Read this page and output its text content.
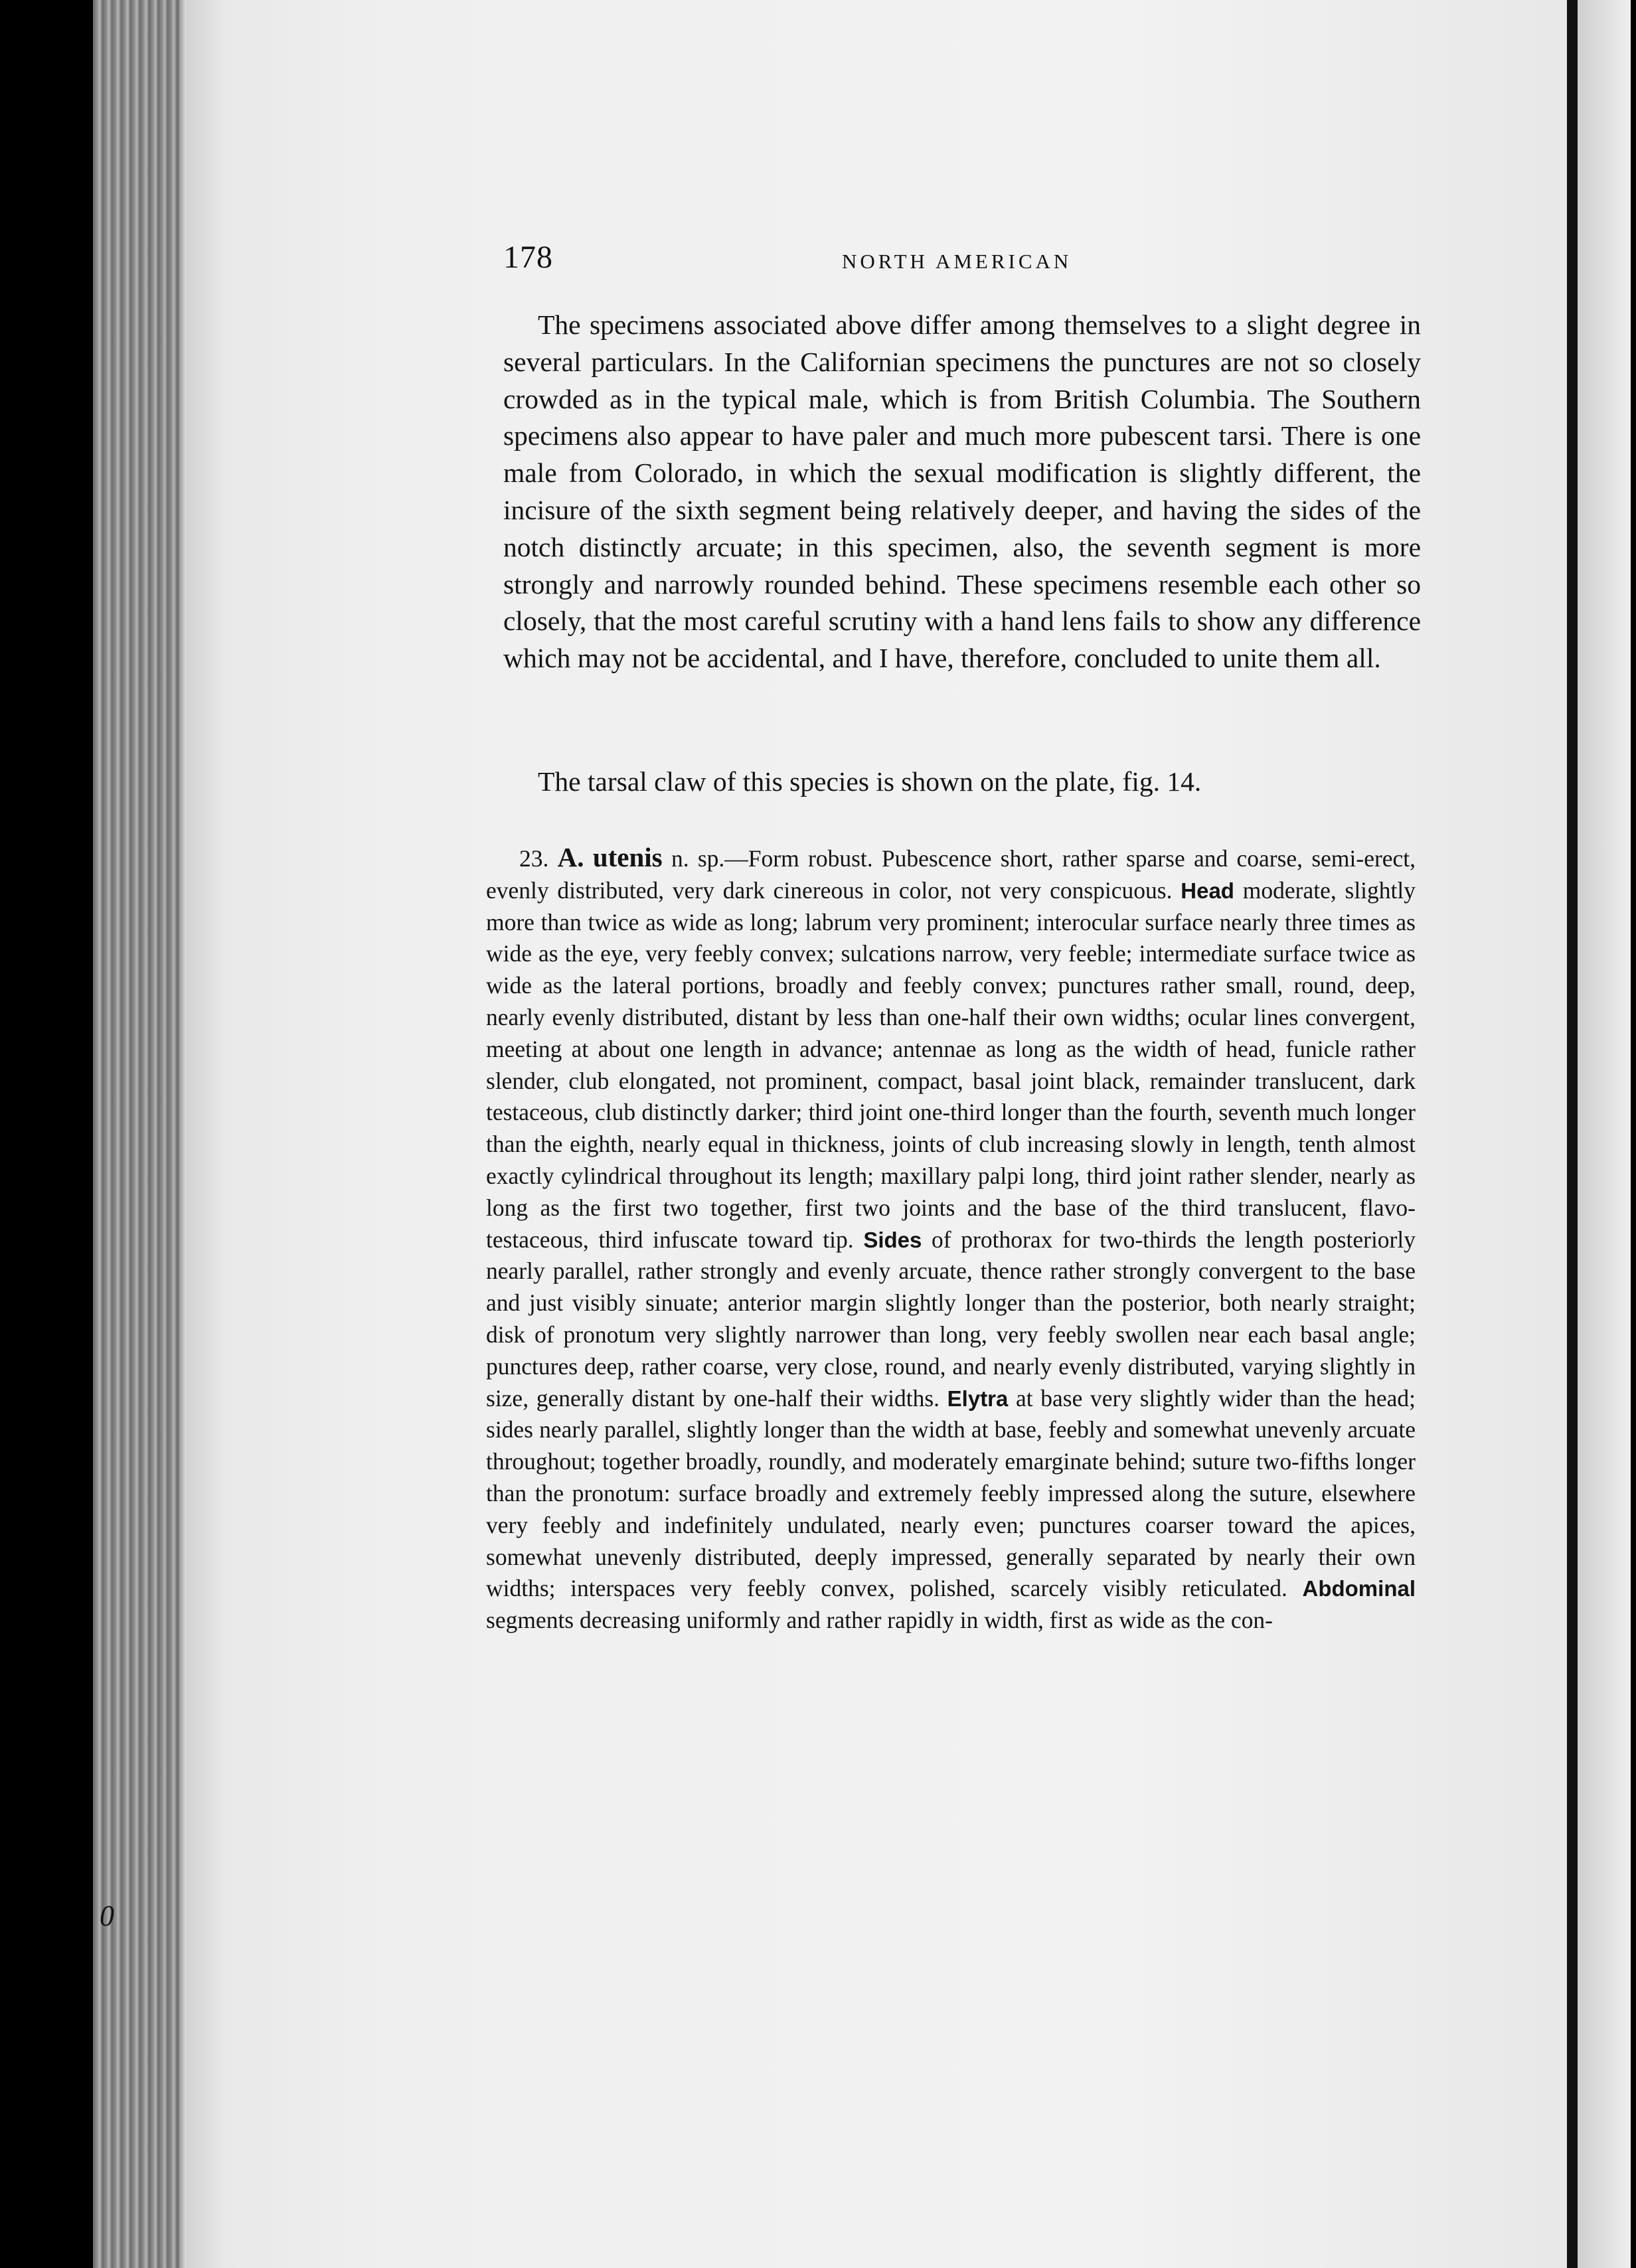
0
178	NORTH AMERICAN

The specimens associated above differ among themselves to a slight degree in several particulars. In the Californian specimens the punctures are not so closely crowded as in the typical male, which is from British Columbia. The Southern specimens also appear to have paler and much more pubescent tarsi. There is one male from Colorado, in which the sexual modification is slightly different, the incisure of the sixth segment being relatively deeper, and having the sides of the notch distinctly arcuate; in this specimen, also, the seventh segment is more strongly and narrowly rounded behind. These specimens resemble each other so closely, that the most careful scrutiny with a hand lens fails to show any difference which may not be accidental, and I have, therefore, concluded to unite them all.

The tarsal claw of this species is shown on the plate, fig. 14.

23. A. utenis n. sp.—Form robust. Pubescence short, rather sparse and coarse, semi-erect, evenly distributed, very dark cinereous in color, not very conspicuous. Head moderate, slightly more than twice as wide as long; labrum very prominent; interocular surface nearly three times as wide as the eye, very feebly convex; sulcations narrow, very feeble; intermediate surface twice as wide as the lateral portions, broadly and feebly convex; punctures rather small, round, deep, nearly evenly distributed, distant by less than one-half their own widths; ocular lines convergent, meeting at about one length in advance; antennae as long as the width of head, funicle rather slender, club elongated, not prominent, compact, basal joint black, remainder translucent, dark testaceous, club distinctly darker; third joint one-third longer than the fourth, seventh much longer than the eighth, nearly equal in thickness, joints of club increasing slowly in length, tenth almost exactly cylindrical throughout its length; maxillary palpi long, third joint rather slender, nearly as long as the first two together, first two joints and the base of the third translucent, flavo-testaceous, third infuscate toward tip. Sides of prothorax for two-thirds the length posteriorly nearly parallel, rather strongly and evenly arcuate, thence rather strongly convergent to the base and just visibly sinuate; anterior margin slightly longer than the posterior, both nearly straight; disk of pronotum very slightly narrower than long, very feebly swollen near each basal angle; punctures deep, rather coarse, very close, round, and nearly evenly distributed, varying slightly in size, generally distant by one-half their widths. Elytra at base very slightly wider than the head; sides nearly parallel, slightly longer than the width at base, feebly and somewhat unevenly arcuate throughout; together broadly, roundly, and moderately emarginate behind; suture two-fifths longer than the pronotum: surface broadly and extremely feebly impressed along the suture, elsewhere very feebly and indefinitely undulated, nearly even; punctures coarser toward the apices, somewhat unevenly distributed, deeply impressed, generally separated by nearly their own widths; interspaces very feebly convex, polished, scarcely visibly reticulated. Abdominal segments decreasing uniformly and rather rapidly in width, first as wide as the con-
